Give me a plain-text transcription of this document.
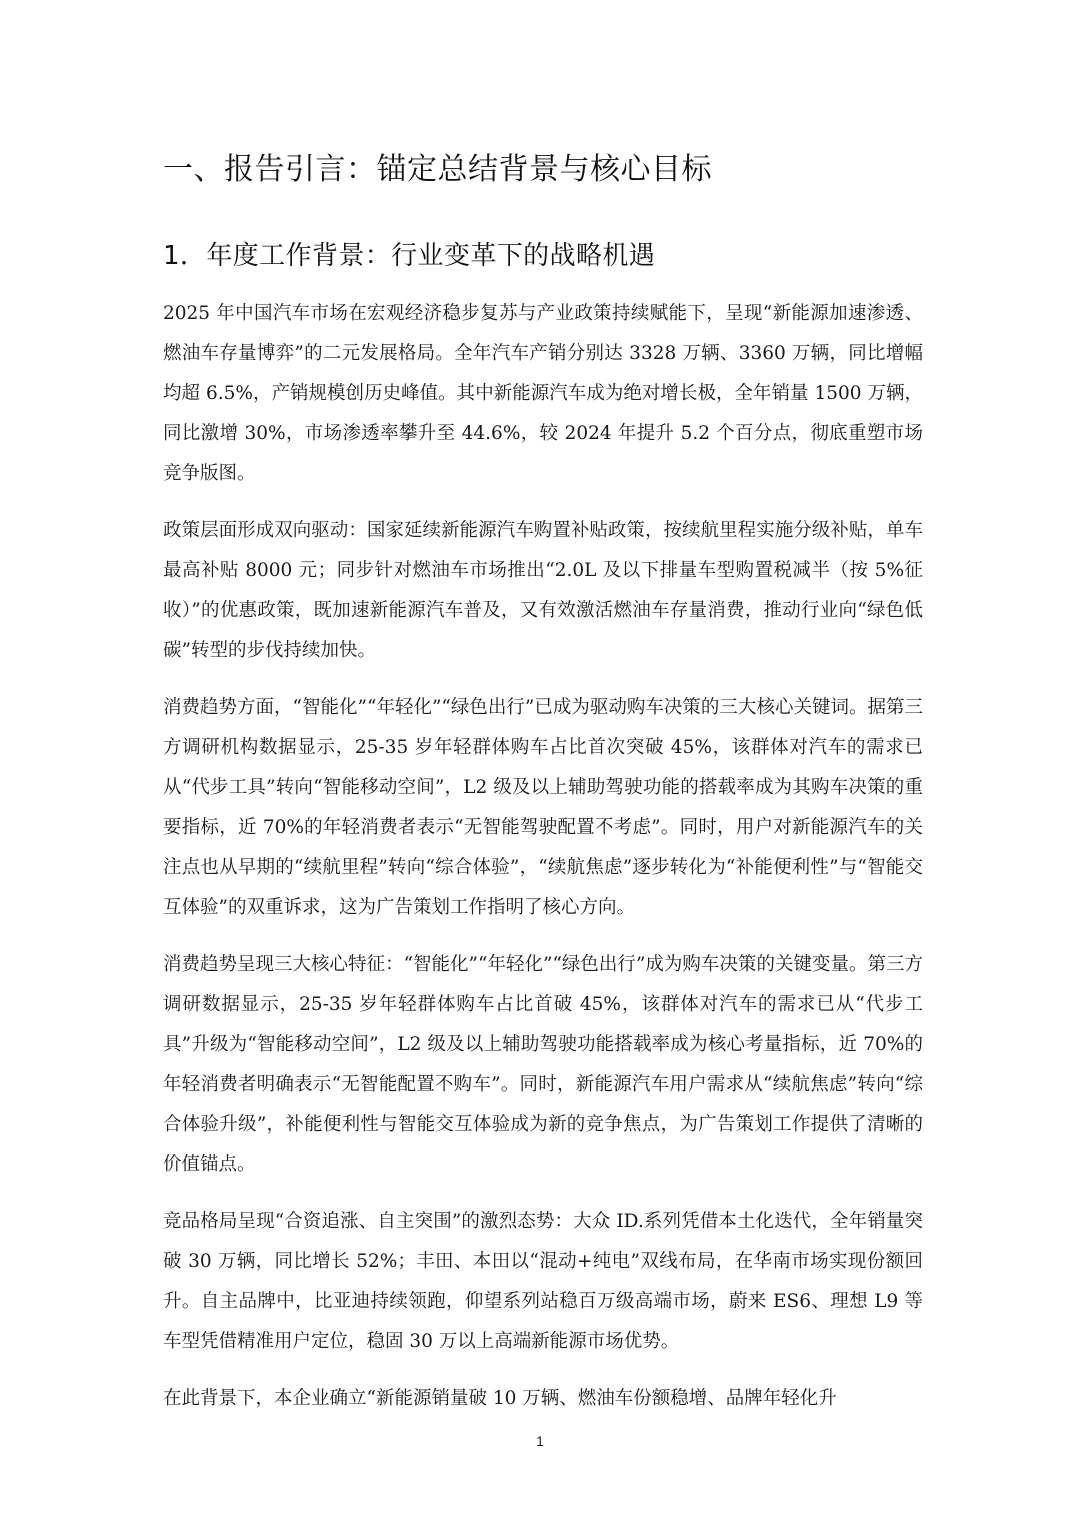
一、报告引言：锚定总结背景与核心目标
1．年度工作背景：行业变革下的战略机遇

2025 年中国汽车市场在宏观经济稳步复苏与产业政策持续赋能下，呈现“新能源加速渗透、燃油车存量博弈”的二元发展格局。全年汽车产销分别达 3328 万辆、3360 万辆，同比增幅均超 6.5%，产销规模创历史峰值。其中新能源汽车成为绝对增长极，全年销量 1500 万辆，同比激增 30%，市场渗透率攀升至 44.6%，较 2024 年提升 5.2 个百分点，彻底重塑市场竞争版图。

政策层面形成双向驱动：国家延续新能源汽车购置补贴政策，按续航里程实施分级补贴，单车最高补贴 8000 元；同步针对燃油车市场推出“2.0L 及以下排量车型购置税减半（按 5%征收）”的优惠政策，既加速新能源汽车普及，又有效激活燃油车存量消费，推动行业向“绿色低碳”转型的步伐持续加快。

消费趋势方面，“智能化”“年轻化”“绿色出行”已成为驱动购车决策的三大核心关键词。据第三方调研机构数据显示，25-35 岁年轻群体购车占比首次突破 45%，该群体对汽车的需求已从“代步工具”转向“智能移动空间”，L2 级及以上辅助驾驶功能的搭载率成为其购车决策的重要指标，近 70%的年轻消费者表示“无智能驾驶配置不考虑”。同时，用户对新能源汽车的关注点也从早期的“续航里程”转向“综合体验”，“续航焦虑”逐步转化为“补能便利性”与“智能交互体验”的双重诉求，这为广告策划工作指明了核心方向。

消费趋势呈现三大核心特征：“智能化”“年轻化”“绿色出行”成为购车决策的关键变量。第三方调研数据显示，25-35 岁年轻群体购车占比首破 45%，该群体对汽车的需求已从“代步工具”升级为“智能移动空间”，L2 级及以上辅助驾驶功能搭载率成为核心考量指标，近 70%的年轻消费者明确表示“无智能配置不购车”。同时，新能源汽车用户需求从“续航焦虑”转向“综合体验升级”，补能便利性与智能交互体验成为新的竞争焦点，为广告策划工作提供了清晰的价值锚点。

竞品格局呈现“合资追涨、自主突围”的激烈态势：大众 ID.系列凭借本土化迭代，全年销量突破 30 万辆，同比增长 52%；丰田、本田以“混动+纯电”双线布局，在华南市场实现份额回升。自主品牌中，比亚迪持续领跑，仰望系列站稳百万级高端市场，蔚来 ES6、理想 L9 等车型凭借精准用户定位，稳固 30 万以上高端新能源市场优势。

在此背景下，本企业确立“新能源销量破 10 万辆、燃油车份额稳增、品牌年轻化升

1
